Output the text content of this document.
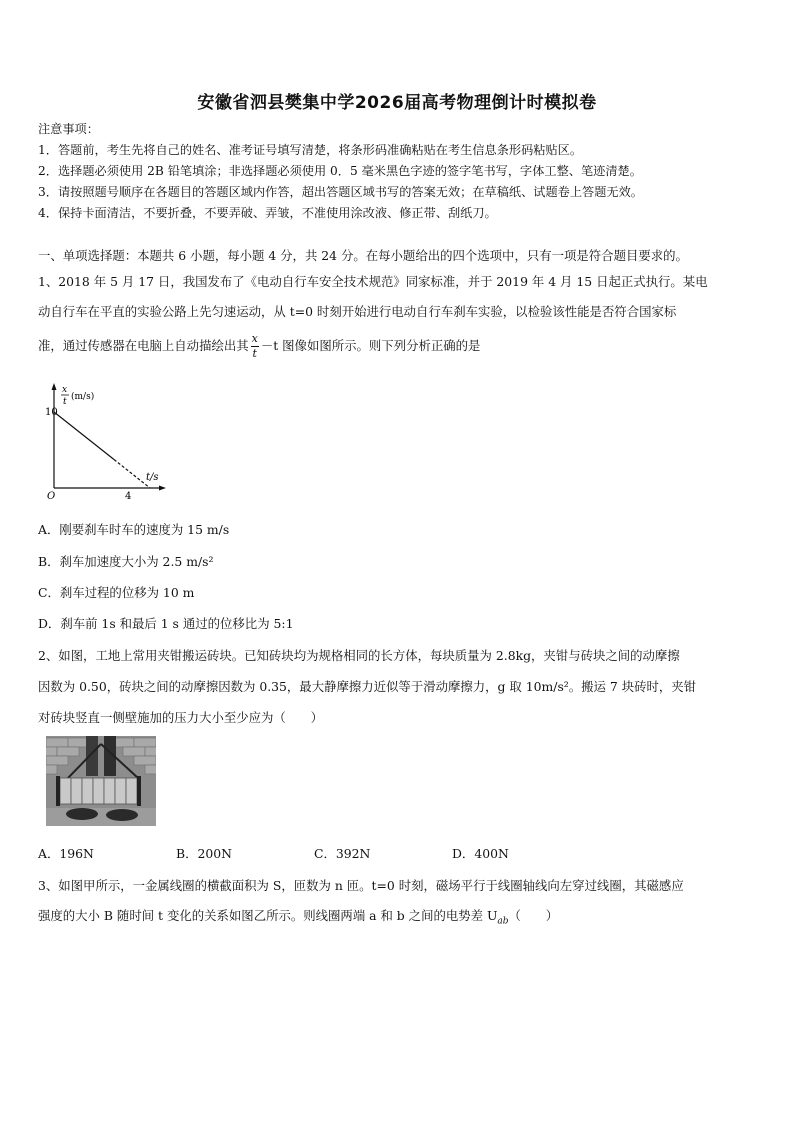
安徽省泗县樊集中学2026届高考物理倒计时模拟卷
注意事项：
1．答题前，考生先将自己的姓名、准考证号填写清楚，将条形码准确粘贴在考生信息条形码粘贴区。
2．选择题必须使用 2B 铅笔填涂；非选择题必须使用 0．5 毫米黑色字迹的签字笔书写，字体工整、笔迹清楚。
3．请按照题号顺序在各题目的答题区域内作答，超出答题区域书写的答案无效；在草稿纸、试题卷上答题无效。
4．保持卡面清洁，不要折叠，不要弄破、弄皱，不准使用涂改液、修正带、刮纸刀。
一、单项选择题：本题共 6 小题，每小题 4 分，共 24 分。在每小题给出的四个选项中，只有一项是符合题目要求的。
1、2018 年 5 月 17 日，我国发布了《电动自行车安全技术规范》同家标准，并于 2019 年 4 月 15 日起正式执行。某电
动自行车在平直的实验公路上先匀速运动，从 t=0 时刻开始进行电动自行车刹车实验，以检验该性能是否符合国家标
准，通过传感器在电脑上自动描绘出其 $\frac{x}{t} -t$ 图像如图所示。则下列分析正确的是
x
t (m/s)
t/s
10
O	4
A．刚要刹车时车的速度为 15 m/s
B．刹车加速度大小为 2.5 m/s²
C．刹车过程的位移为 10 m
D．刹车前 1s 和最后 1 s 通过的位移比为 5:1
2、如图，工地上常用夹钳搬运砖块。已知砖块均为规格相同的长方体，每块质量为 2.8kg，夹钳与砖块之间的动摩擦
因数为 0.50，砖块之间的动摩擦因数为 0.35，最大静摩擦力近似等于滑动摩擦力，g 取 10m/s²。搬运 7 块砖时，夹钳
对砖块竖直一侧壁施加的压力大小至少应为（　　）
A．196N	B．200N	C．392N	D．400N
3、如图甲所示，一金属线圈的横截面积为 S，匝数为 n 匝。t=0 时刻，磁场平行于线圈轴线向左穿过线圈，其磁感应
强度的大小 B 随时间 t 变化的关系如图乙所示。则线圈两端 a 和 b 之间的电势差 $U_{ab}$（　　）
